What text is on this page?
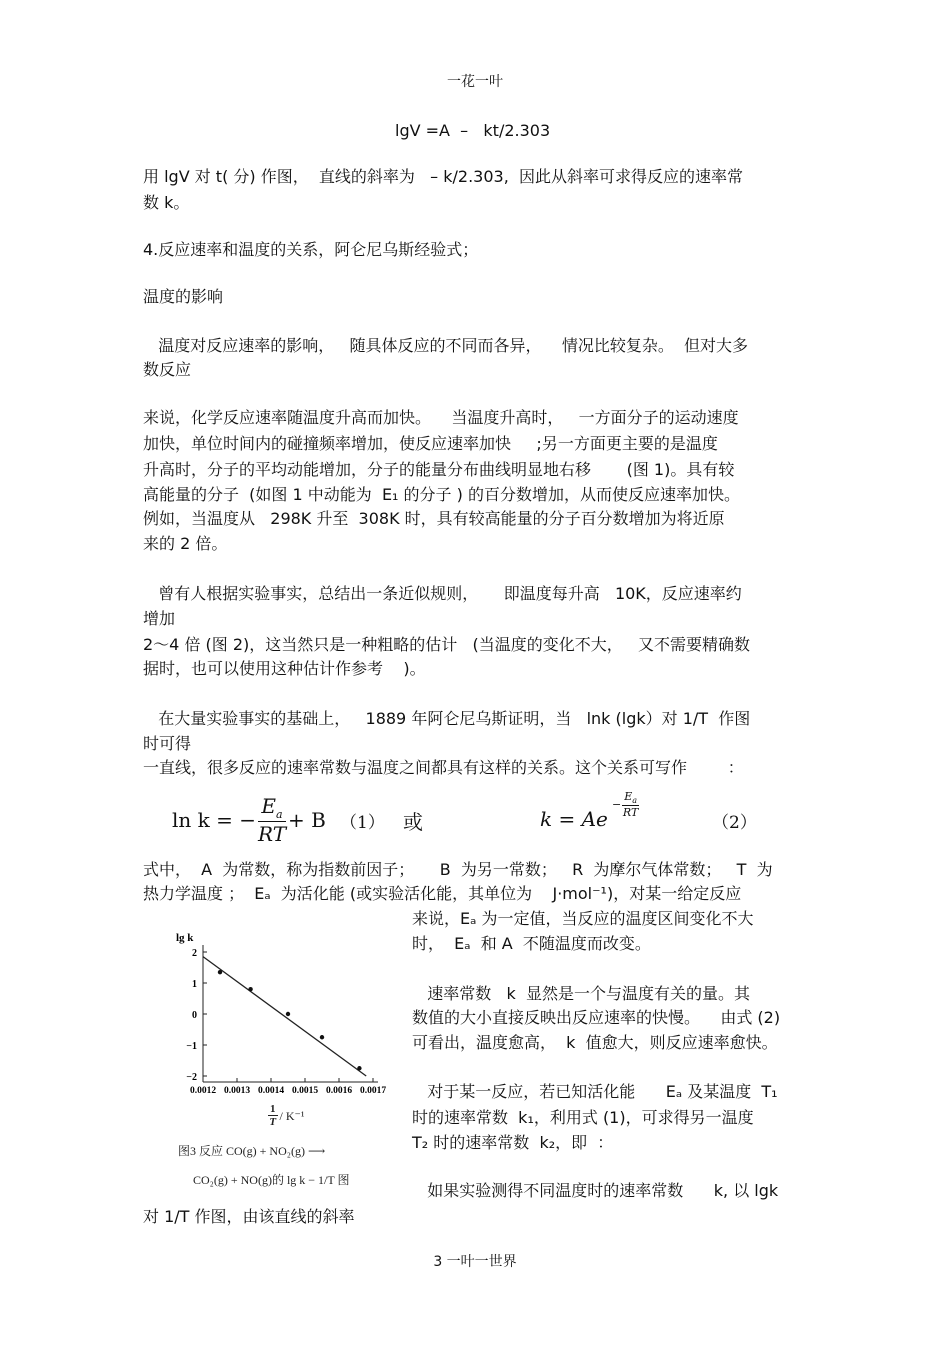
一花一叶
lgV =A  –   kt/2.303
用 lgV 对 t( 分) 作图，  直线的斜率为   – k/2.303,  因此从斜率可求得反应的速率常
数 k。
4.反应速率和温度的关系，阿仑尼乌斯经验式；
温度的影响
温度对反应速率的影响，   随具体反应的不同而各异，    情况比较复杂。  但对大多
数反应
来说，化学反应速率随温度升高而加快。    当温度升高时，   一方面分子的运动速度
加快，单位时间内的碰撞频率增加，使反应速率加快     ;另一方面更主要的是温度
升高时，分子的平均动能增加，分子的能量分布曲线明显地右移       (图 1)。具有较
高能量的分子  (如图 1 中动能为  E₁ 的分子 ) 的百分数增加，从而使反应速率加快。
例如，当温度从   298K 升至  308K 时，具有较高能量的分子百分数增加为将近原
来的 2 倍。
曾有人根据实验事实，总结出一条近似规则，     即温度每升高   10K，反应速率约
增加
2～4 倍 (图 2)，这当然只是一种粗略的估计   (当温度的变化不大，   又不需要精确数
据时，也可以使用这种估计作参考    )。
在大量实验事实的基础上，   1889 年阿仑尼乌斯证明，当   lnk (lgk）对 1/T  作图
时可得
一直线，很多反应的速率常数与温度之间都具有这样的关系。这个关系可写作        ：
ln k = − $\frac{E_a}{RT} + B$ （1） 或	k = Ae
− $\frac{E_a}{RT}$
（2）
式中，  A  为常数，称为指数前因子；     B  为另一常数；   R  为摩尔气体常数；   T  为
热力学温度 ；  Eₐ  为活化能 (或实验活化能，其单位为    J·mol⁻¹)，对某一给定反应
来说，Eₐ 为一定值，当反应的温度区间变化不大
时，  Eₐ  和 A  不随温度而改变。
速率常数   k  显然是一个与温度有关的量。其
数值的大小直接反映出反应速率的快慢。    由式 (2)
可看出，温度愈高，  k  值愈大，则反应速率愈快。
对于某一反应，若已知活化能      Eₐ 及某温度  T₁
时的速率常数  k₁，利用式 (1)，可求得另一温度
T₂ 时的速率常数  k₂，即  ：
如果实验测得不同温度时的速率常数      k, 以 lgk
lg k
2
1
0
−1
−2
0.0012 0.0013 0.0014 0.0015 0.0016 0.0017
$\frac{1}{T} / K^{-1}$
图3 反应 CO(g) + NO₂(g) ⟶
CO₂(g) + NO(g)的 lg k − 1/T 图
对 1/T 作图，由该直线的斜率
3 一叶一世界
